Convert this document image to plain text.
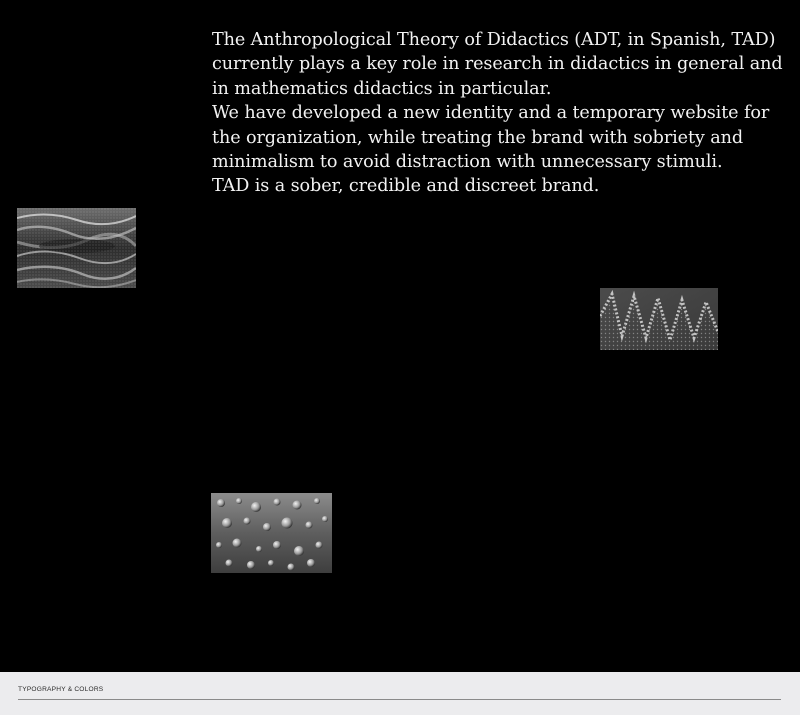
The Anthropological Theory of Didactics (ADT, in Spanish, TAD) currently plays a key role in research in didactics in general and in mathematics didactics in particular.
We have developed a new identity and a temporary website for the organization, while treating the brand with sobriety and minimalism to avoid distraction with unnecessary stimuli.
TAD is a sober, credible and discreet brand.

TYPOGRAPHY & COLORS
